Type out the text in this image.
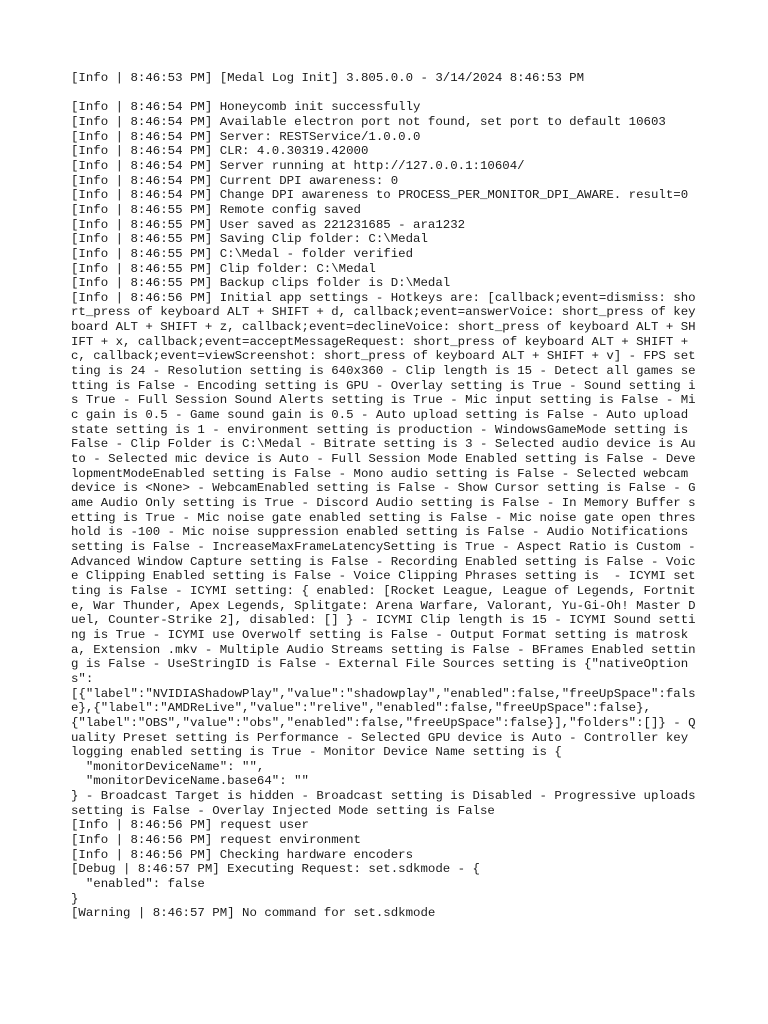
[Info | 8:46:53 PM] [Medal Log Init] 3.805.0.0 - 3/14/2024 8:46:53 PM
[Info | 8:46:54 PM] Honeycomb init successfully
[Info | 8:46:54 PM] Available electron port not found, set port to default 10603
[Info | 8:46:54 PM] Server: RESTService/1.0.0.0
[Info | 8:46:54 PM] CLR: 4.0.30319.42000
[Info | 8:46:54 PM] Server running at http://127.0.0.1:10604/
[Info | 8:46:54 PM] Current DPI awareness: 0
[Info | 8:46:54 PM] Change DPI awareness to PROCESS_PER_MONITOR_DPI_AWARE. result=0
[Info | 8:46:55 PM] Remote config saved
[Info | 8:46:55 PM] User saved as 221231685 - ara1232
[Info | 8:46:55 PM] Saving Clip folder: C:\Medal
[Info | 8:46:55 PM] C:\Medal - folder verified
[Info | 8:46:55 PM] Clip folder: C:\Medal
[Info | 8:46:55 PM] Backup clips folder is D:\Medal
[Info | 8:46:56 PM] Initial app settings - Hotkeys are: [callback;event=dismiss: short_press of keyboard ALT + SHIFT + d, callback;event=answerVoice: short_press of keyboard ALT + SHIFT + z, callback;event=declineVoice: short_press of keyboard ALT + SHIFT + x, callback;event=acceptMessageRequest: short_press of keyboard ALT + SHIFT + c, callback;event=viewScreenshot: short_press of keyboard ALT + SHIFT + v] - FPS setting is 24 - Resolution setting is 640x360 - Clip length is 15 - Detect all games setting is False - Encoding setting is GPU - Overlay setting is True - Sound setting is True - Full Session Sound Alerts setting is True - Mic input setting is False - Mic gain is 0.5 - Game sound gain is 0.5 - Auto upload setting is False - Auto upload state setting is 1 - environment setting is production - WindowsGameMode setting is False - Clip Folder is C:\Medal - Bitrate setting is 3 - Selected audio device is Auto - Selected mic device is Auto - Full Session Mode Enabled setting is False - DevelopmentModeEnabled setting is False - Mono audio setting is False - Selected webcam device is <None> - WebcamEnabled setting is False - Show Cursor setting is False - Game Audio Only setting is True - Discord Audio setting is False - In Memory Buffer setting is True - Mic noise gate enabled setting is False - Mic noise gate open threshold is -100 - Mic noise suppression enabled setting is False - Audio Notifications setting is False - IncreaseMaxFrameLatencySetting is True - Aspect Ratio is Custom - Advanced Window Capture setting is False - Recording Enabled setting is False - Voice Clipping Enabled setting is False - Voice Clipping Phrases setting is  - ICYMI setting is False - ICYMI setting: { enabled: [Rocket League, League of Legends, Fortnite, War Thunder, Apex Legends, Splitgate: Arena Warfare, Valorant, Yu-Gi-Oh! Master Duel, Counter-Strike 2], disabled: [] } - ICYMI Clip length is 15 - ICYMI Sound setting is True - ICYMI use Overwolf setting is False - Output Format setting is matroska, Extension .mkv - Multiple Audio Streams setting is False - BFrames Enabled setting is False - UseStringID is False - External File Sources setting is {"nativeOptions":
[{"label":"NVIDIAShadowPlay","value":"shadowplay","enabled":false,"freeUpSpace":false},{"label":"AMDReLive","value":"relive","enabled":false,"freeUpSpace":false},
{"label":"OBS","value":"obs","enabled":false,"freeUpSpace":false}],"folders":[]} - Quality Preset setting is Performance - Selected GPU device is Auto - Controller key logging enabled setting is True - Monitor Device Name setting is {
"monitorDeviceName": "",
"monitorDeviceName.base64": ""
} - Broadcast Target is hidden - Broadcast setting is Disabled - Progressive uploads setting is False - Overlay Injected Mode setting is False
[Info | 8:46:56 PM] request user
[Info | 8:46:56 PM] request environment
[Info | 8:46:56 PM] Checking hardware encoders
[Debug | 8:46:57 PM] Executing Request: set.sdkmode - {
"enabled": false
}
[Warning | 8:46:57 PM] No command for set.sdkmode
